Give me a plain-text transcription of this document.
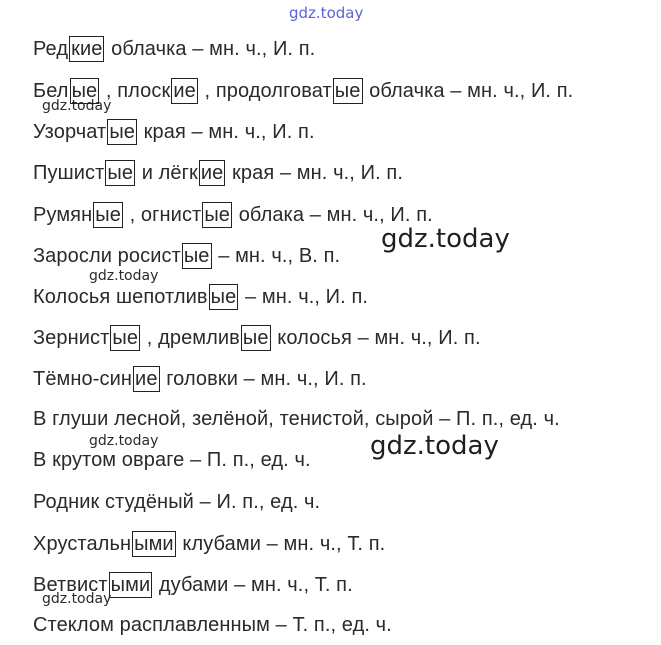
gdz.today
gdz.today
gdz.today
gdz.today
gdz.today	gdz.today
gdz.today
Ред кие облачка – мн. ч., И. п.
Бел ые , плоск ие , продолговат ые облачка – мн. ч., И. п.
Узорчат ые края – мн. ч., И. п.
Пушист ые и лёгк ие края – мн. ч., И. п.
Румян ые , огнист ые облака – мн. ч., И. п.
Заросли росист ые – мн. ч., В. п.
Колосья шепотлив ые – мн. ч., И. п.
Зернист ые , дремлив ые колосья – мн. ч., И. п.
Тёмно-син ие головки – мн. ч., И. п.
В глуши лесной, зелёной, тенистой, сырой – П. п., ед. ч.
В крутом овраге – П. п., ед. ч.
Родник студёный – И. п., ед. ч.
Хрустальн ыми клубами – мн. ч., Т. п.
Ветвист ыми дубами – мн. ч., Т. п.
Стеклом расплавленным – Т. п., ед. ч.
